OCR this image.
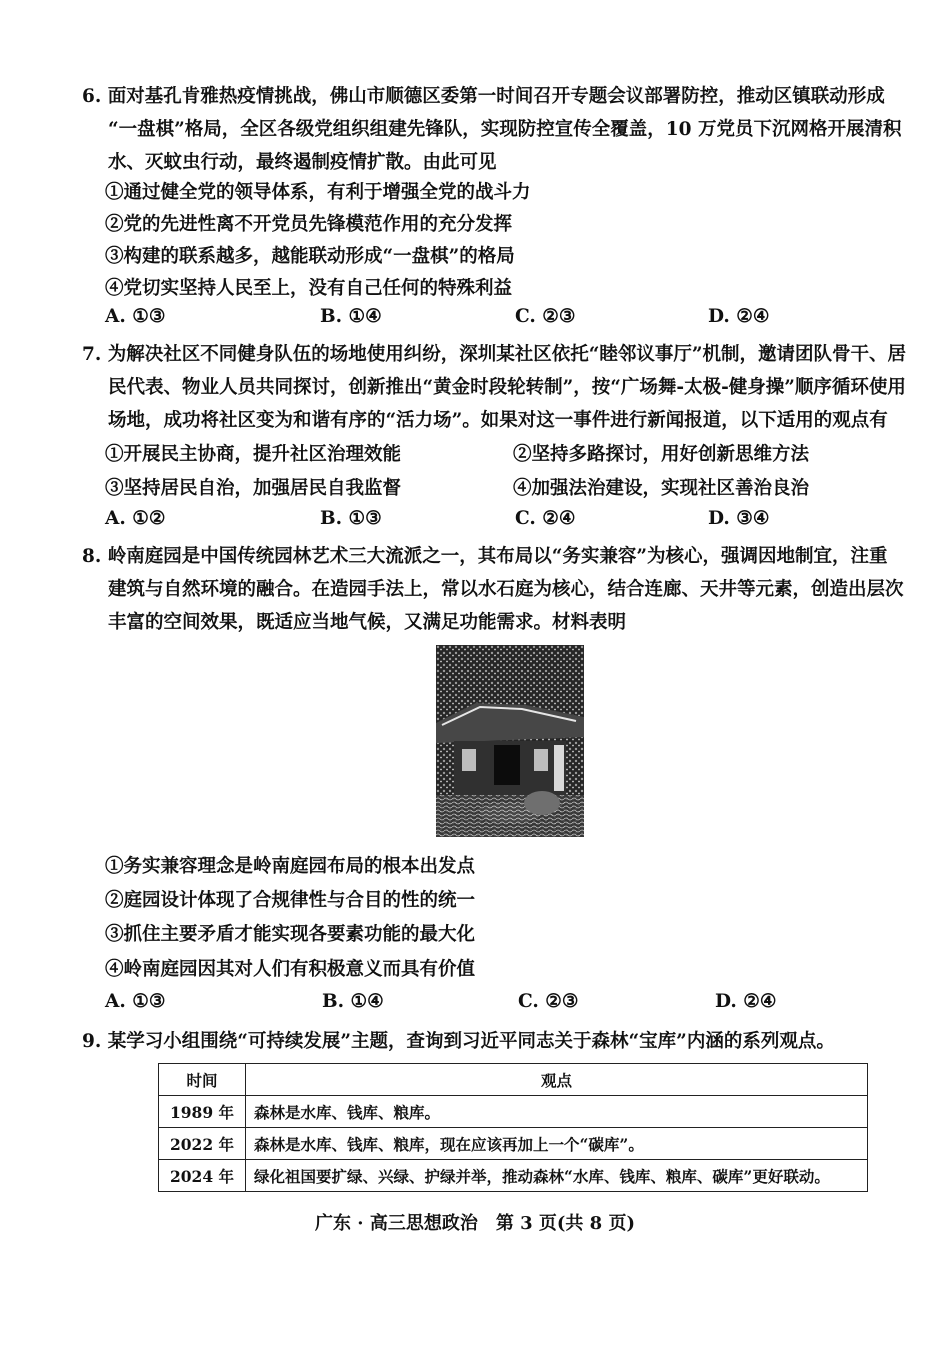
6. 面对基孔肯雅热疫情挑战，佛山市顺德区委第一时间召开专题会议部署防控，推动区镇联动形成
“一盘棋”格局，全区各级党组织组建先锋队，实现防控宣传全覆盖，10 万党员下沉网格开展清积
水、灭蚊虫行动，最终遏制疫情扩散。由此可见
①通过健全党的领导体系，有利于增强全党的战斗力
②党的先进性离不开党员先锋模范作用的充分发挥
③构建的联系越多，越能联动形成“一盘棋”的格局
④党切实坚持人民至上，没有自己任何的特殊利益
A. ①③	B. ①④	C. ②③	D. ②④
7. 为解决社区不同健身队伍的场地使用纠纷，深圳某社区依托“睦邻议事厅”机制，邀请团队骨干、居
民代表、物业人员共同探讨，创新推出“黄金时段轮转制”，按“广场舞-太极-健身操”顺序循环使用
场地，成功将社区变为和谐有序的“活力场”。如果对这一事件进行新闻报道，以下适用的观点有
①开展民主协商，提升社区治理效能	②坚持多路探讨，用好创新思维方法
③坚持居民自治，加强居民自我监督	④加强法治建设，实现社区善治良治
A. ①②	B. ①③	C. ②④	D. ③④
8. 岭南庭园是中国传统园林艺术三大流派之一，其布局以“务实兼容”为核心，强调因地制宜，注重
建筑与自然环境的融合。在造园手法上，常以水石庭为核心，结合连廊、天井等元素，创造出层次
丰富的空间效果，既适应当地气候，又满足功能需求。材料表明
①务实兼容理念是岭南庭园布局的根本出发点
②庭园设计体现了合规律性与合目的性的统一
③抓住主要矛盾才能实现各要素功能的最大化
④岭南庭园因其对人们有积极意义而具有价值
A. ①③	B. ①④	C. ②③	D. ②④
9. 某学习小组围绕“可持续发展”主题，查询到习近平同志关于森林“宝库”内涵的系列观点。
时间	观点
1989 年	森林是水库、钱库、粮库。
2022 年	森林是水库、钱库、粮库，现在应该再加上一个“碳库”。
2024 年	绿化祖国要扩绿、兴绿、护绿并举，推动森林“水库、钱库、粮库、碳库”更好联动。
广东 · 高三思想政治　第 3 页(共 8 页)
